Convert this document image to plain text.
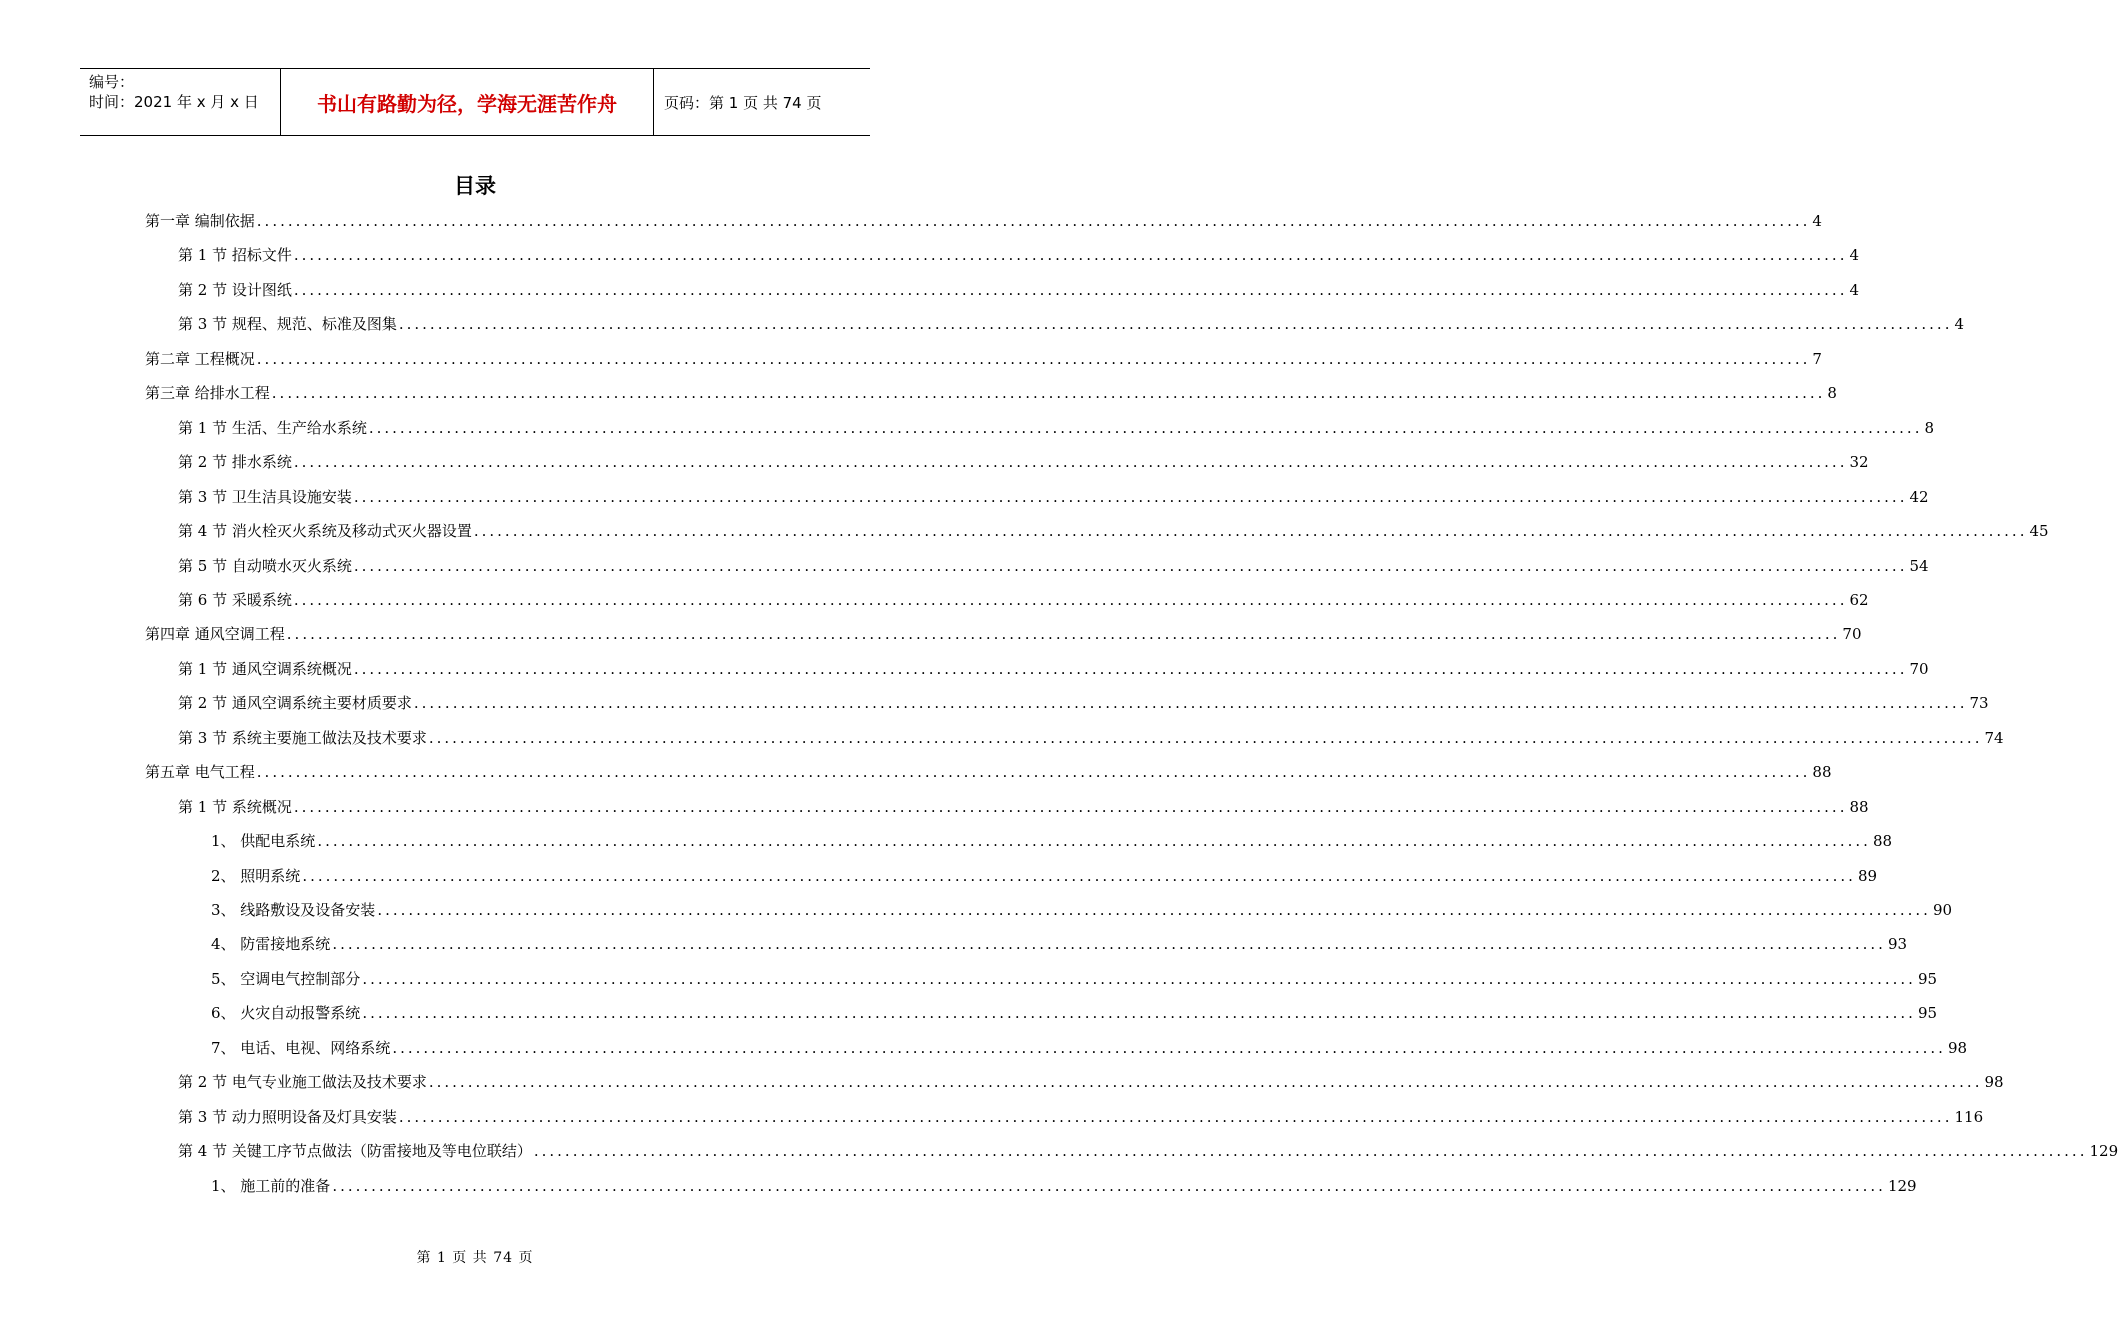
编号：
时间：2021 年 x 月 x 日	书山有路勤为径，学海无涯苦作舟	页码：第 1 页 共 74 页
目录
第一章 编制依据 ........................................................................................................................................................................................................ 4
第 1 节 招标文件 ........................................................................................................................................................................................................ 4
第 2 节 设计图纸 ........................................................................................................................................................................................................ 4
第 3 节 规程、规范、标准及图集 ........................................................................................................................................................................................................ 4
第二章 工程概况 ........................................................................................................................................................................................................ 7
第三章 给排水工程 ........................................................................................................................................................................................................ 8
第 1 节 生活、生产给水系统 ........................................................................................................................................................................................................ 8
第 2 节 排水系统 ........................................................................................................................................................................................................ 32
第 3 节 卫生洁具设施安装 ........................................................................................................................................................................................................ 42
第 4 节 消火栓灭火系统及移动式灭火器设置 ........................................................................................................................................................................................................ 45
第 5 节 自动喷水灭火系统 ........................................................................................................................................................................................................ 54
第 6 节 采暖系统 ........................................................................................................................................................................................................ 62
第四章 通风空调工程 ........................................................................................................................................................................................................ 70
第 1 节 通风空调系统概况 ........................................................................................................................................................................................................ 70
第 2 节 通风空调系统主要材质要求 ........................................................................................................................................................................................................ 73
第 3 节 系统主要施工做法及技术要求 ........................................................................................................................................................................................................ 74
第五章 电气工程 ........................................................................................................................................................................................................ 88
第 1 节 系统概况 ........................................................................................................................................................................................................ 88
1、 供配电系统 ........................................................................................................................................................................................................ 88
2、 照明系统 ........................................................................................................................................................................................................ 89
3、 线路敷设及设备安装 ........................................................................................................................................................................................................ 90
4、 防雷接地系统 ........................................................................................................................................................................................................ 93
5、 空调电气控制部分 ........................................................................................................................................................................................................ 95
6、 火灾自动报警系统 ........................................................................................................................................................................................................ 95
7、 电话、电视、网络系统 ........................................................................................................................................................................................................ 98
第 2 节 电气专业施工做法及技术要求 ........................................................................................................................................................................................................ 98
第 3 节 动力照明设备及灯具安装 ........................................................................................................................................................................................................ 116
第 4 节 关键工序节点做法（防雷接地及等电位联结） ........................................................................................................................................................................................................ 129
1、 施工前的准备 ........................................................................................................................................................................................................ 129
第 1 页 共 74 页
